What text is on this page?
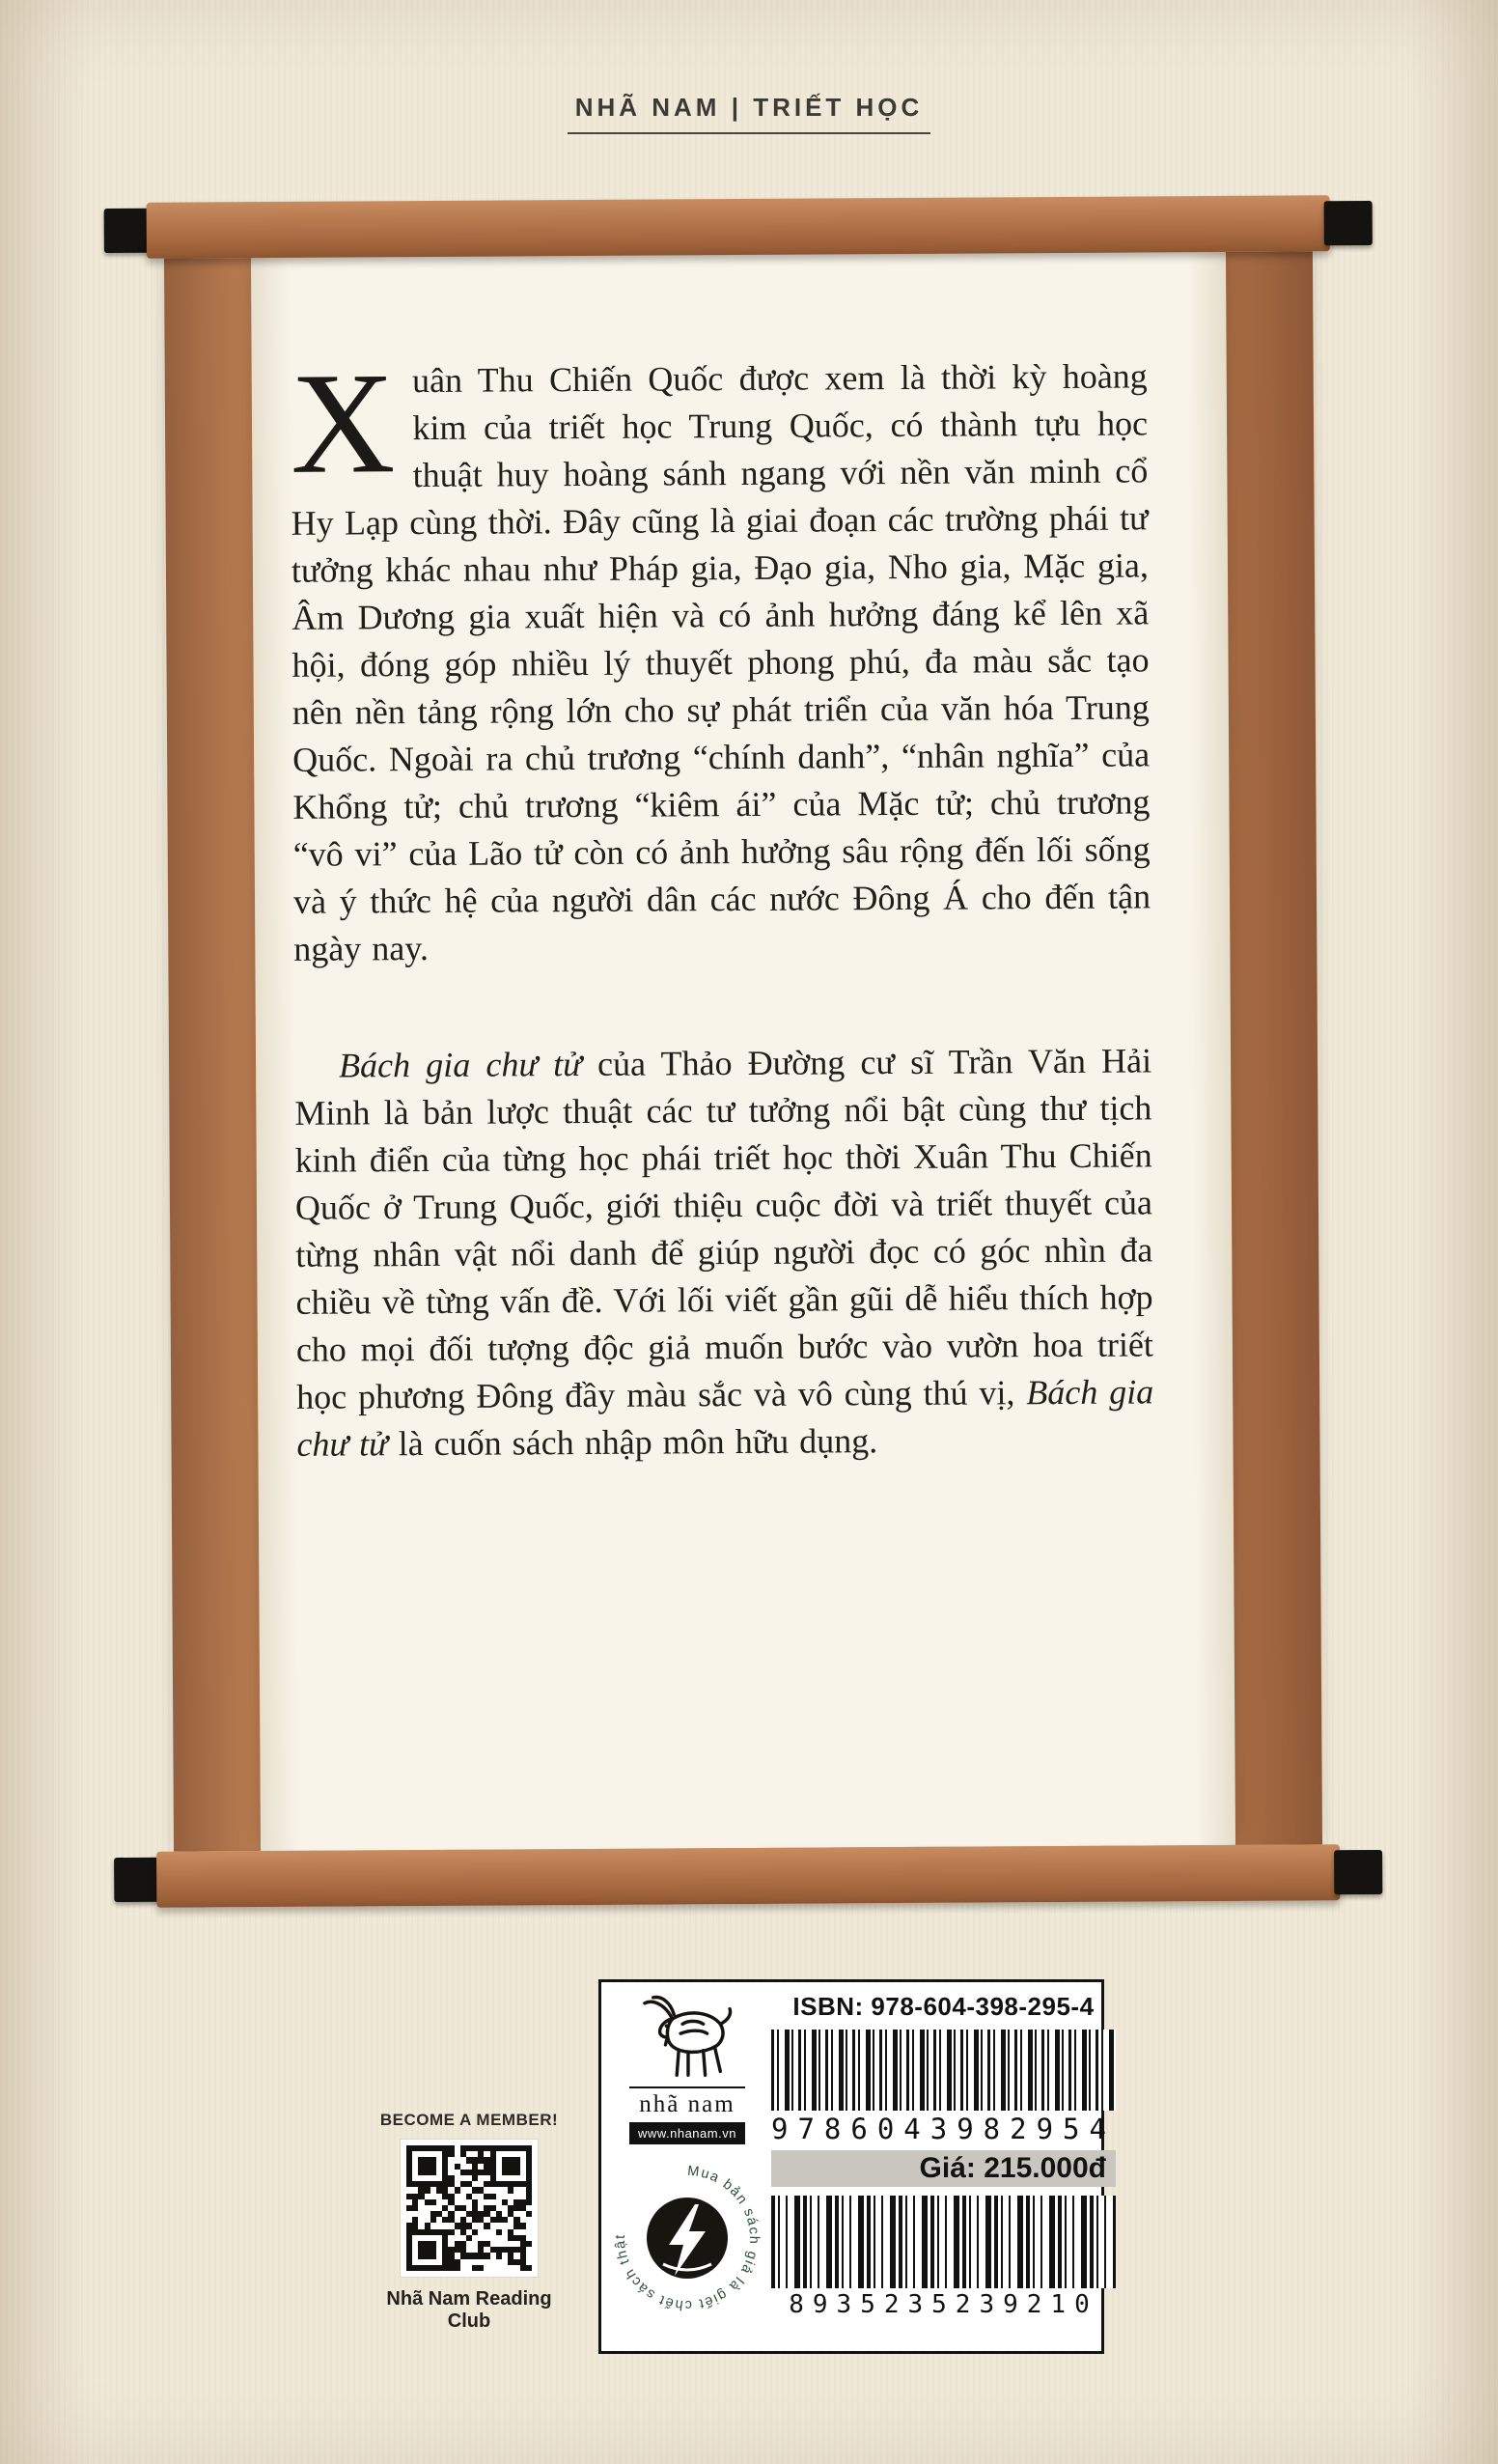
NHÃ NAM | TRIẾT HỌC

Xuân Thu Chiến Quốc được xem là thời kỳ hoàng kim của triết học Trung Quốc, có thành tựu học thuật huy hoàng sánh ngang với nền văn minh cổ Hy Lạp cùng thời. Đây cũng là giai đoạn các trường phái tư tưởng khác nhau như Pháp gia, Đạo gia, Nho gia, Mặc gia, Âm Dương gia xuất hiện và có ảnh hưởng đáng kể lên xã hội, đóng góp nhiều lý thuyết phong phú, đa màu sắc tạo nên nền tảng rộng lớn cho sự phát triển của văn hóa Trung Quốc. Ngoài ra chủ trương “chính danh”, “nhân nghĩa” của Khổng tử; chủ trương “kiêm ái” của Mặc tử; chủ trương “vô vi” của Lão tử còn có ảnh hưởng sâu rộng đến lối sống và ý thức hệ của người dân các nước Đông Á cho đến tận ngày nay.

Bách gia chư tử của Thảo Đường cư sĩ Trần Văn Hải Minh là bản lược thuật các tư tưởng nổi bật cùng thư tịch kinh điển của từng học phái triết học thời Xuân Thu Chiến Quốc ở Trung Quốc, giới thiệu cuộc đời và triết thuyết của từng nhân vật nổi danh để giúp người đọc có góc nhìn đa chiều về từng vấn đề. Với lối viết gần gũi dễ hiểu thích hợp cho mọi đối tượng độc giả muốn bước vào vườn hoa triết học phương Đông đầy màu sắc và vô cùng thú vị, Bách gia chư tử là cuốn sách nhập môn hữu dụng.

BECOME A MEMBER!
Nhã Nam Reading Club
nhã nam
www.nhanam.vn
Mua bản sách giả là giết chết sách thật
ISBN: 978-604-398-295-4
9786043982954
Giá: 215.000đ
8935235239210
